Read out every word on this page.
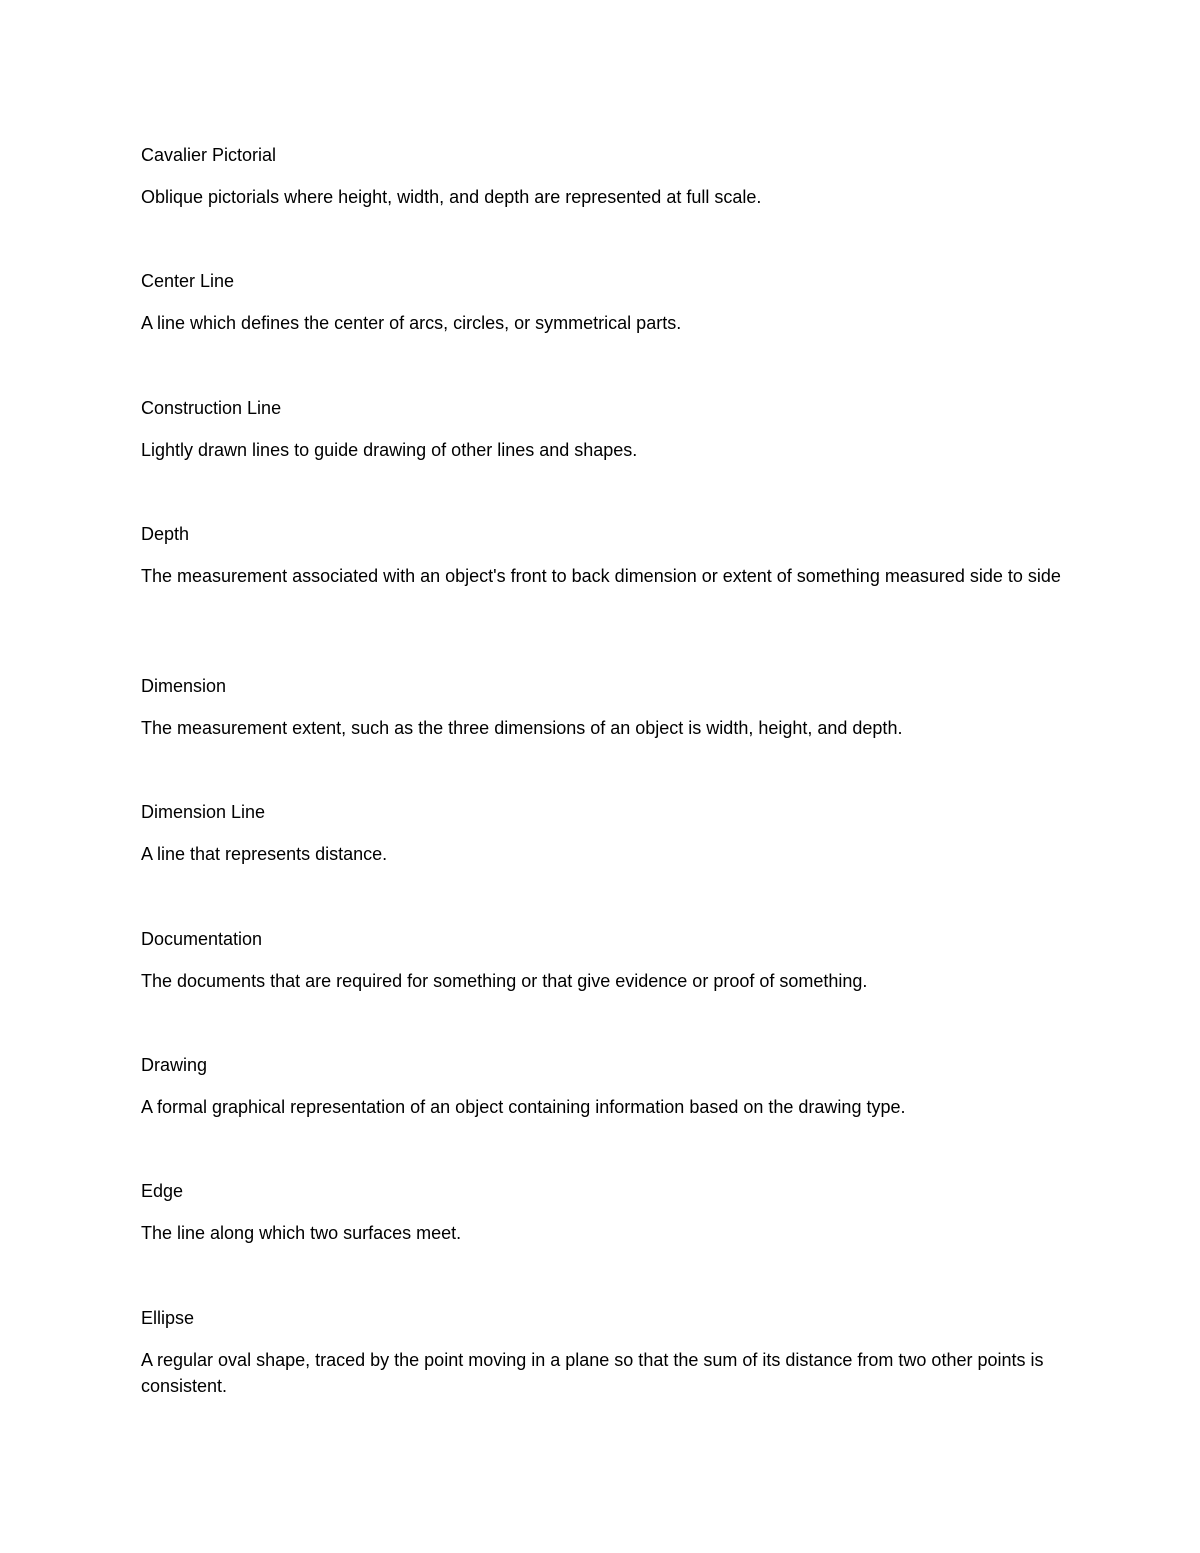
Cavalier Pictorial

Oblique pictorials where height, width, and depth are represented at full scale.

Center Line

A line which defines the center of arcs, circles, or symmetrical parts.

Construction Line

Lightly drawn lines to guide drawing of other lines and shapes.

Depth

The measurement associated with an object's front to back dimension or extent of something measured side to side

Dimension

The measurement extent, such as the three dimensions of an object is width, height, and depth.

Dimension Line

A line that represents distance.

Documentation

The documents that are required for something or that give evidence or proof of something.

Drawing

A formal graphical representation of an object containing information based on the drawing type.

Edge

The line along which two surfaces meet.

Ellipse

A regular oval shape, traced by the point moving in a plane so that the sum of its distance from two other points is consistent.
